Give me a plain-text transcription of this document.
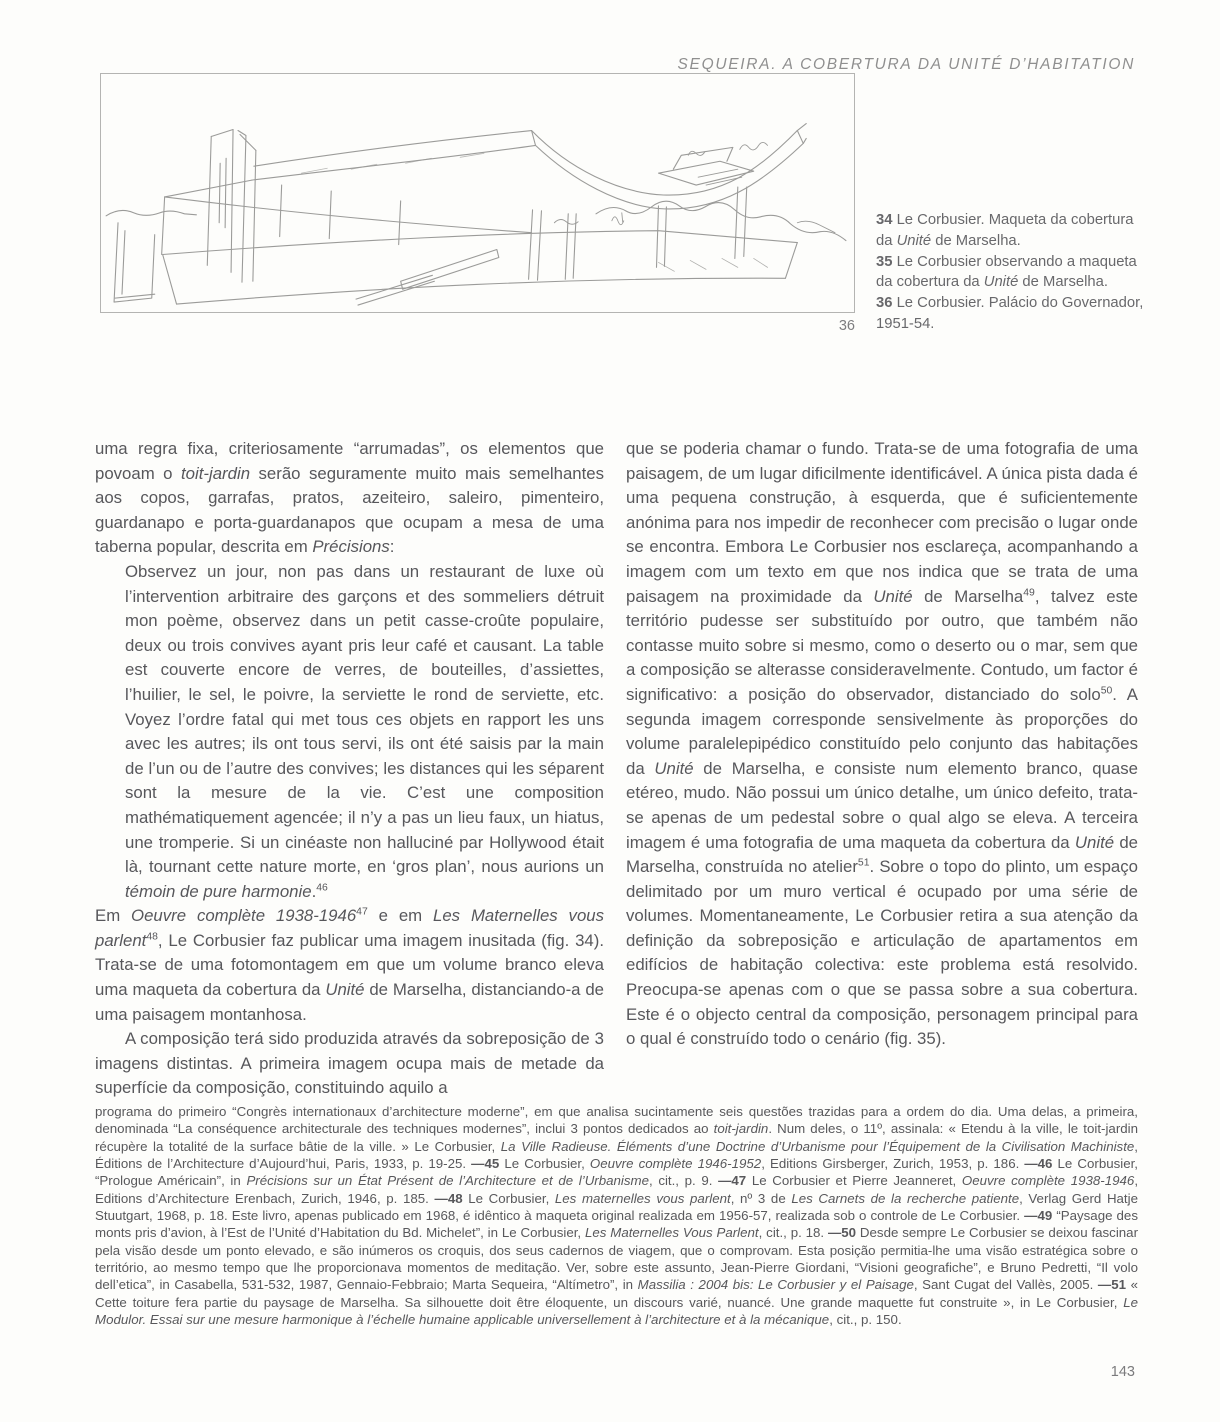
SEQUEIRA. A COBERTURA DA UNITÉ D’HABITATION
36

34 Le Corbusier. Maqueta da cobertura da Unité de Marselha.

35 Le Corbusier observando a maqueta da cobertura da Unité de Marselha.

36 Le Corbusier. Palácio do Governador, 1951-54.

uma regra fixa, criteriosamente “arrumadas”, os elementos que povoam o toit-jardin serão seguramente muito mais semelhantes aos copos, garrafas, pratos, azeiteiro, saleiro, pimenteiro, guardanapo e porta-guardanapos que ocupam a mesa de uma taberna popular, descrita em Précisions:

Observez un jour, non pas dans un restaurant de luxe où l’intervention arbitraire des garçons et des sommeliers détruit mon poème, observez dans un petit casse-croûte populaire, deux ou trois convives ayant pris leur café et causant. La table est couverte encore de verres, de bouteilles, d’assiettes, l’huilier, le sel, le poivre, la serviette le rond de serviette, etc. Voyez l’ordre fatal qui met tous ces objets en rapport les uns avec les autres; ils ont tous servi, ils ont été saisis par la main de l’un ou de l’autre des convives; les distances qui les séparent sont la mesure de la vie. C’est une composition mathématiquement agencée; il n’y a pas un lieu faux, un hiatus, une tromperie. Si un cinéaste non halluciné par Hollywood était là, tournant cette nature morte, en ‘gros plan’, nous aurions un témoin de pure harmonie.$^{46}$

Em Oeuvre complète 1938-1946$^{47}$ e em Les Maternelles vous parlent$^{48}$, Le Corbusier faz publicar uma imagem inusitada (fig. 34). Trata-se de uma fotomontagem em que um volume branco eleva uma maqueta da cobertura da Unité de Marselha, distanciando-a de uma paisagem montanhosa.

A composição terá sido produzida através da sobreposição de 3 imagens distintas. A primeira imagem ocupa mais de metade da superfície da composição, constituindo aquilo a

que se poderia chamar o fundo. Trata-se de uma fotografia de uma paisagem, de um lugar dificilmente identificável. A única pista dada é uma pequena construção, à esquerda, que é suficientemente anónima para nos impedir de reconhecer com precisão o lugar onde se encontra. Embora Le Corbusier nos esclareça, acompanhando a imagem com um texto em que nos indica que se trata de uma paisagem na proximidade da Unité de Marselha$^{49}$, talvez este território pudesse ser substituído por outro, que também não contasse muito sobre si mesmo, como o deserto ou o mar, sem que a composição se alterasse consideravelmente. Contudo, um factor é significativo: a posição do observador, distanciado do solo$^{50}$. A segunda imagem corresponde sensivelmente às proporções do volume paralelepipédico constituído pelo conjunto das habitações da Unité de Marselha, e consiste num elemento branco, quase etéreo, mudo. Não possui um único detalhe, um único defeito, trata-se apenas de um pedestal sobre o qual algo se eleva. A terceira imagem é uma fotografia de uma maqueta da cobertura da Unité de Marselha, construída no atelier$^{51}$. Sobre o topo do plinto, um espaço delimitado por um muro vertical é ocupado por uma série de volumes. Momentaneamente, Le Corbusier retira a sua atenção da definição da sobreposição e articulação de apartamentos em edifícios de habitação colectiva: este problema está resolvido. Preocupa-se apenas com o que se passa sobre a sua cobertura. Este é o objecto central da composição, personagem principal para o qual é construído todo o cenário (fig. 35).

programa do primeiro “Congrès internationaux d’architecture moderne”, em que analisa sucintamente seis questões trazidas para a ordem do dia. Uma delas, a primeira, denominada “La conséquence architecturale des techniques modernes”, inclui 3 pontos dedicados ao toit-jardin. Num deles, o 11º, assinala: « Etendu à la ville, le toit-jardin récupère la totalité de la surface bâtie de la ville. » Le Corbusier, La Ville Radieuse. Éléments d’une Doctrine d’Urbanisme pour l’Équipement de la Civilisation Machiniste, Éditions de l’Architecture d’Aujourd’hui, Paris, 1933, p. 19-25. —45 Le Corbusier, Oeuvre complète 1946-1952, Editions Girsberger, Zurich, 1953, p. 186. —46 Le Corbusier, “Prologue Américain”, in Précisions sur un État Présent de l’Architecture et de l’Urbanisme, cit., p. 9. —47 Le Corbusier et Pierre Jeanneret, Oeuvre complète 1938-1946, Editions d’Architecture Erenbach, Zurich, 1946, p. 185. —48 Le Corbusier, Les maternelles vous parlent, nº 3 de Les Carnets de la recherche patiente, Verlag Gerd Hatje Stuutgart, 1968, p. 18. Este livro, apenas publicado em 1968, é idêntico à maqueta original realizada em 1956-57, realizada sob o controle de Le Corbusier. —49 “Paysage des monts pris d’avion, à l’Est de l’Unité d’Habitation du Bd. Michelet”, in Le Corbusier, Les Maternelles Vous Parlent, cit., p. 18. —50 Desde sempre Le Corbusier se deixou fascinar pela visão desde um ponto elevado, e são inúmeros os croquis, dos seus cadernos de viagem, que o comprovam. Esta posição permitia-lhe uma visão estratégica sobre o território, ao mesmo tempo que lhe proporcionava momentos de meditação. Ver, sobre este assunto, Jean-Pierre Giordani, “Visioni geografiche”, e Bruno Pedretti, “Il volo dell’etica”, in Casabella, 531-532, 1987, Gennaio-Febbraio; Marta Sequeira, “Altímetro”, in Massilia : 2004 bis: Le Corbusier y el Paisage, Sant Cugat del Vallès, 2005. —51 « Cette toiture fera partie du paysage de Marselha. Sa silhouette doit être éloquente, un discours varié, nuancé. Une grande maquette fut construite », in Le Corbusier, Le Modulor. Essai sur une mesure harmonique à l’échelle humaine applicable universellement à l’architecture et à la mécanique, cit., p. 150.

143
